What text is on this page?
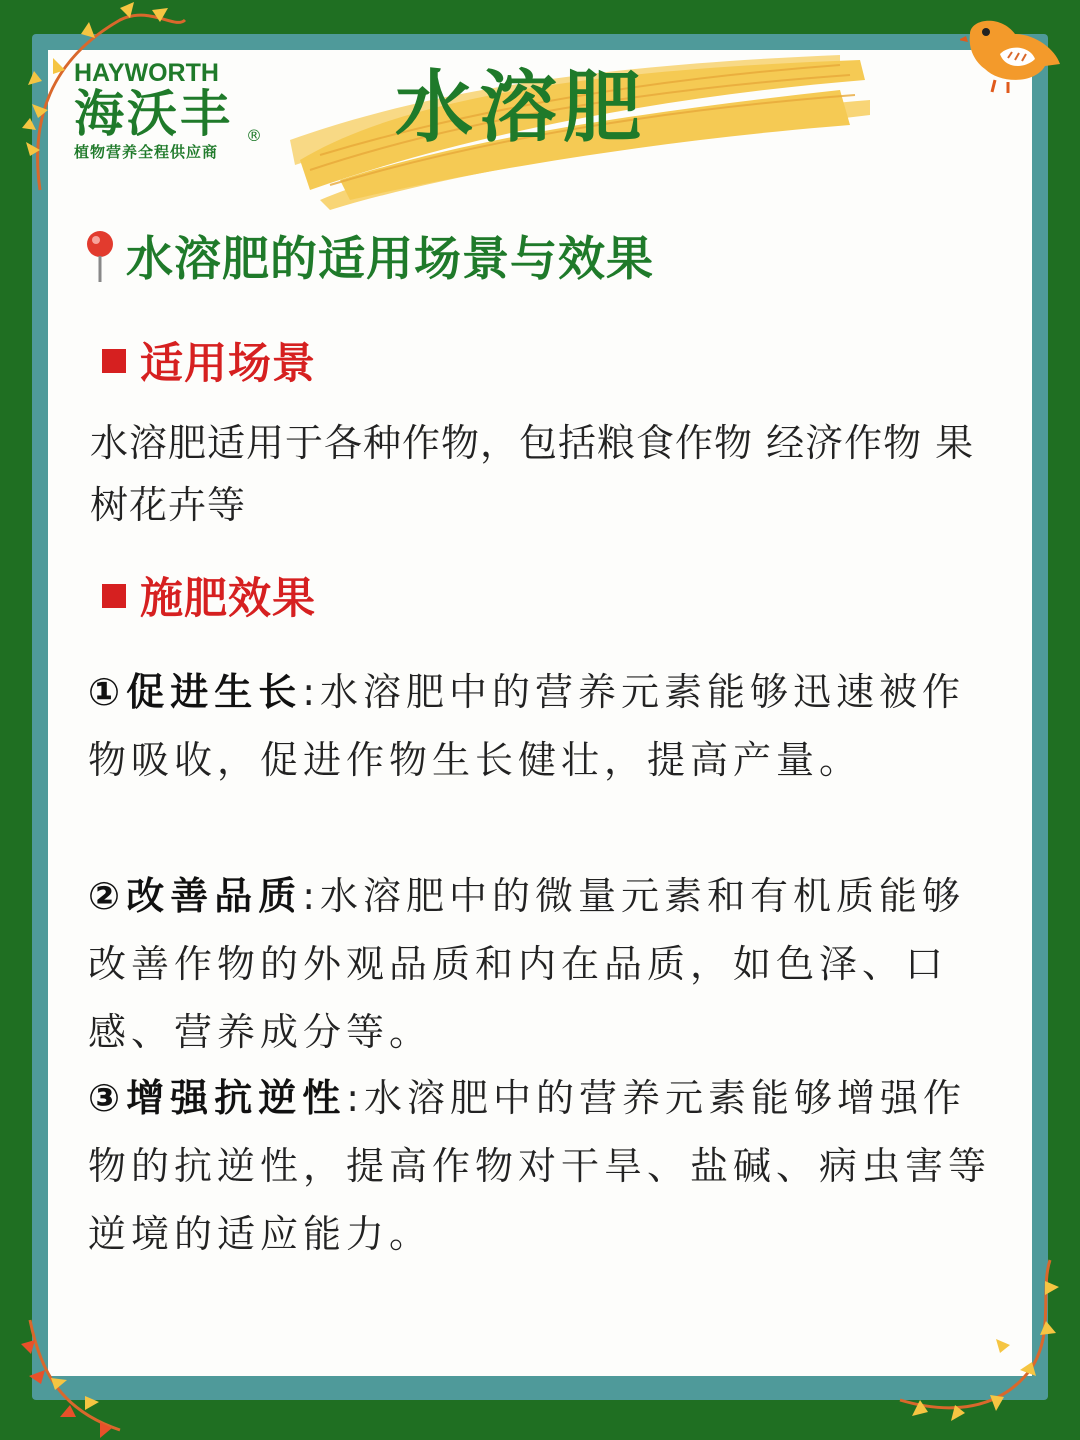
HAYWORTH
海沃丰 ®
植物营养全程供应商	水溶肥
水溶肥的适用场景与效果
适用场景
水溶肥适用于各种作物，包括粮食作物 经济作物 果树花卉等
施肥效果
①促进生长:水溶肥中的营养元素能够迅速被作物吸收，促进作物生长健壮，提高产量。
②改善品质:水溶肥中的微量元素和有机质能够改善作物的外观品质和内在品质，如色泽、口感、营养成分等。
③增强抗逆性:水溶肥中的营养元素能够增强作物的抗逆性，提高作物对干旱、盐碱、病虫害等逆境的适应能力。
